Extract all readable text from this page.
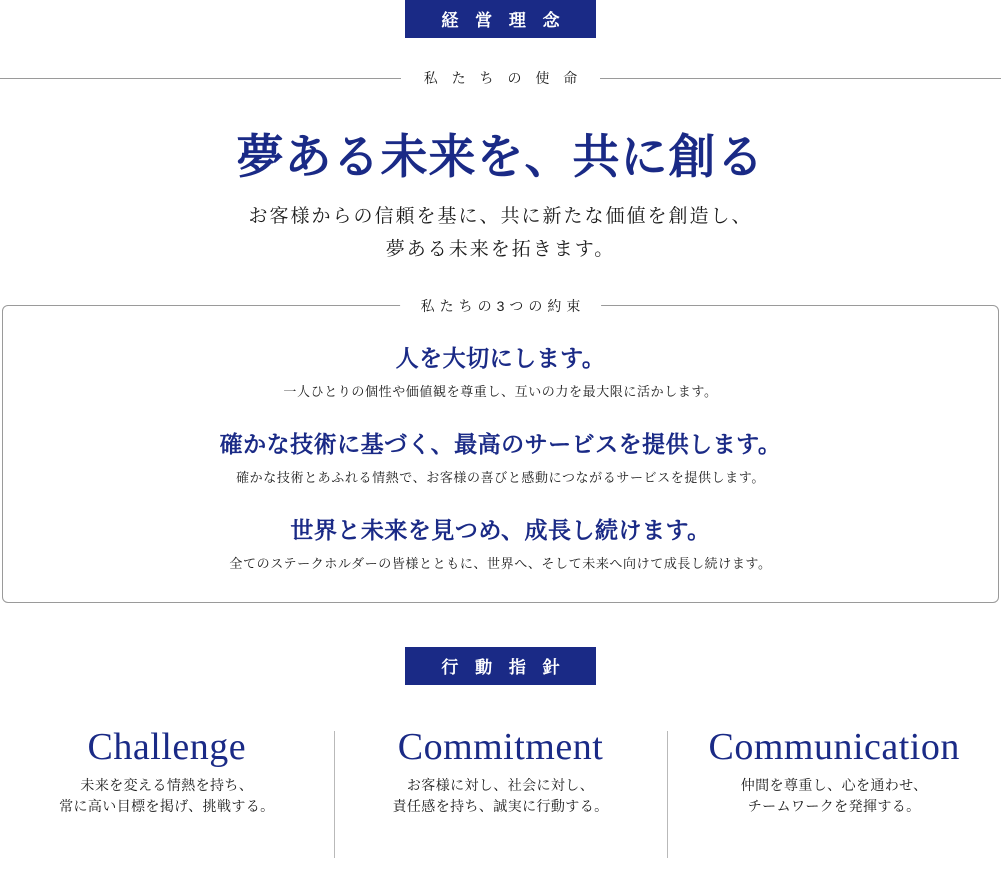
経 営 理 念
私 た ち の 使 命
夢ある未来を、共に創る

お客様からの信頼を基に、共に新たな価値を創造し、
夢ある未来を拓きます。

私たちの3つの約束

人を大切にします。

一人ひとりの個性や価値観を尊重し、互いの力を最大限に活かします。

確かな技術に基づく、最高のサービスを提供します。

確かな技術とあふれる情熱で、お客様の喜びと感動につながるサービスを提供します。

世界と未来を見つめ、成長し続けます。

全てのステークホルダーの皆様とともに、世界へ、そして未来へ向けて成長し続けます。

行 動 指 針

Challenge

未来を変える情熱を持ち、
常に高い目標を掲げ、挑戦する。

Commitment

お客様に対し、社会に対し、
責任感を持ち、誠実に行動する。

Communication

仲間を尊重し、心を通わせ、
チームワークを発揮する。
